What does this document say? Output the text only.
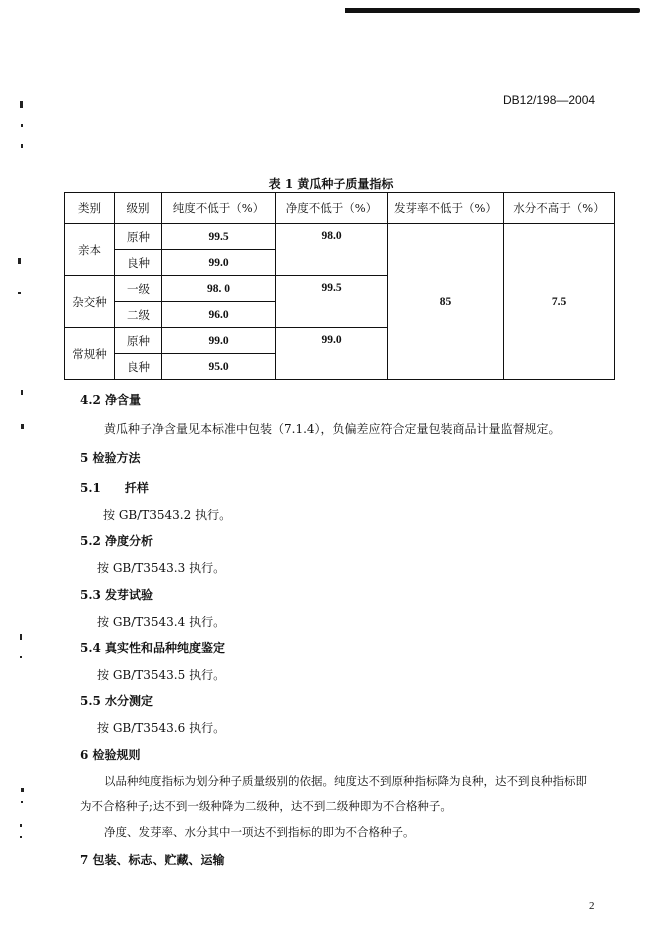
DB12/198—2004
表 1 黄瓜种子质量指标
类别	级别	纯度不低于（%）	净度不低于（%）	发芽率不低于（%）	水分不高于（%）
亲本	原种	99.5	98.0	85	7.5
	良种	99.0			
杂交种	一级	98. 0	99.5		
	二级	96.0			
常规种	原种	99.0	99.0		
	良种	95.0			
4.2 净含量
黄瓜种子净含量见本标准中包装（7.1.4），负偏差应符合定量包装商品计量监督规定。
5 检验方法
5.1 扦样
按 GB/T3543.2 执行。
5.2 净度分析
按 GB/T3543.3 执行。
5.3 发芽试验
按 GB/T3543.4 执行。
5.4 真实性和品种纯度鉴定
按 GB/T3543.5 执行。
5.5 水分测定
按 GB/T3543.6 执行。
6 检验规则
以品种纯度指标为划分种子质量级别的依据。纯度达不到原种指标降为良种，达不到良种指标即
为不合格种子;达不到一级种降为二级种，达不到二级种即为不合格种子。
净度、发芽率、水分其中一项达不到指标的即为不合格种子。
7 包装、标志、贮藏、运输
2
